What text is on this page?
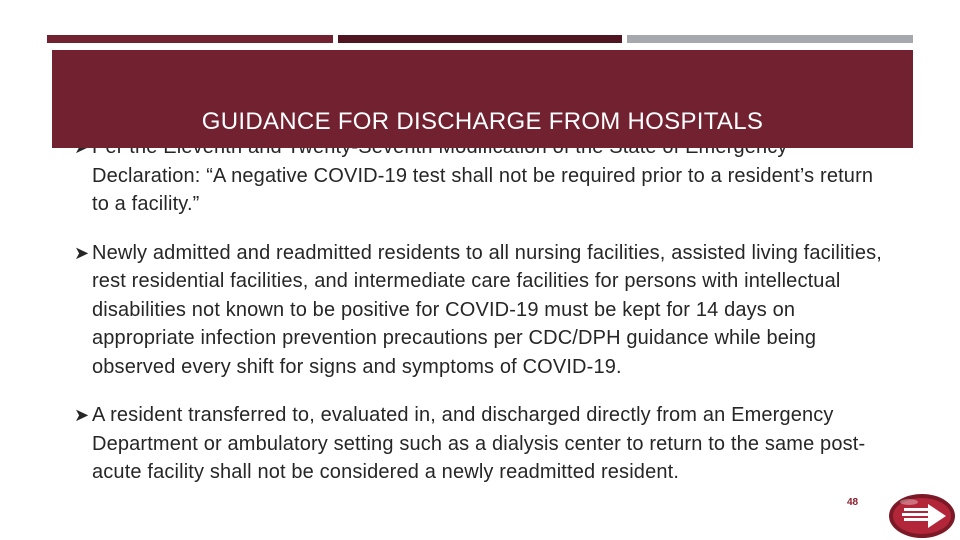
Declaration: “A negative COVID-19 test shall not be required prior to a resident’s return to a facility.”
➤ Newly admitted and readmitted residents to all nursing facilities, assisted living facilities, rest residential facilities, and intermediate care facilities for persons with intellectual disabilities not known to be positive for COVID-19 must be kept for 14 days on appropriate infection prevention precautions per CDC/DPH guidance while being observed every shift for signs and symptoms of COVID-19.
➤ A resident transferred to, evaluated in, and discharged directly from an Emergency Department or ambulatory setting such as a dialysis center to return to the same post-acute facility shall not be considered a newly readmitted resident.
GUIDANCE FOR DISCHARGE FROM HOSPITALS
48
